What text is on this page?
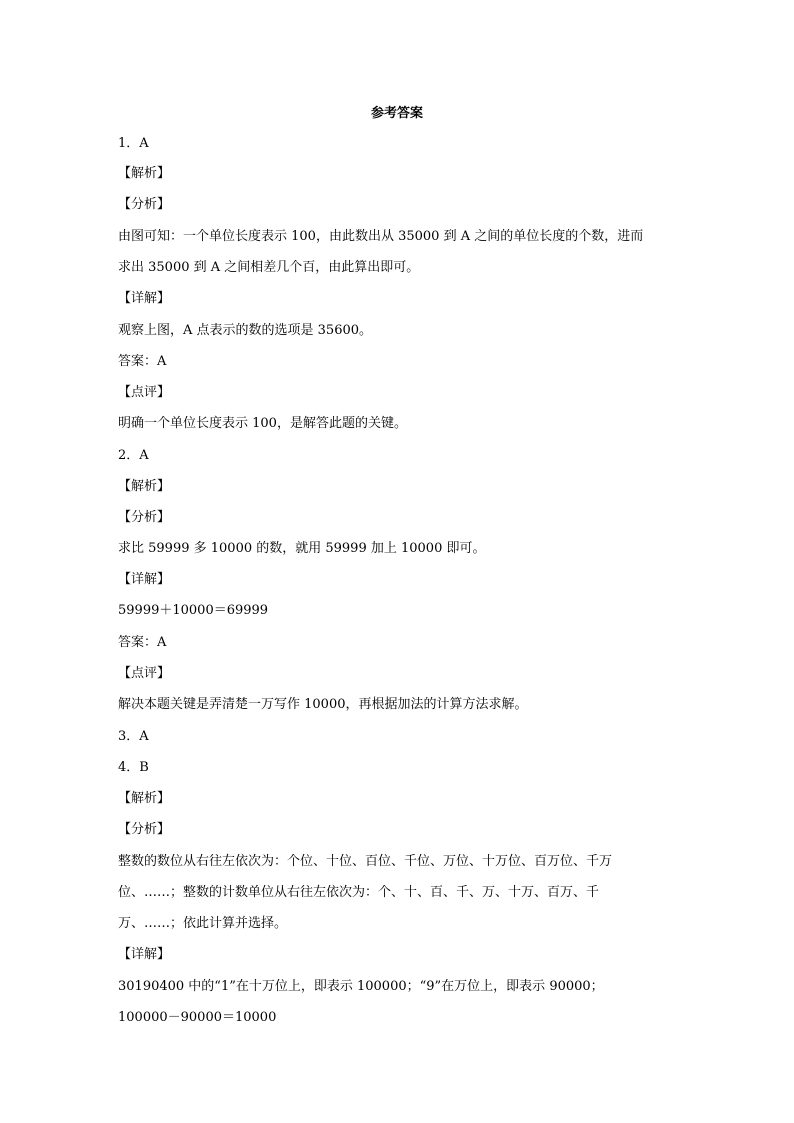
参考答案
1．A
【解析】
【分析】
由图可知：一个单位长度表示 100，由此数出从 35000 到 A 之间的单位长度的个数，进而
求出 35000 到 A 之间相差几个百，由此算出即可。
【详解】
观察上图，A 点表示的数的选项是 35600。
答案：A
【点评】
明确一个单位长度表示 100，是解答此题的关键。
2．A
【解析】
【分析】
求比 59999 多 10000 的数，就用 59999 加上 10000 即可。
【详解】
59999＋10000＝69999
答案：A
【点评】
解决本题关键是弄清楚一万写作 10000，再根据加法的计算方法求解。
3．A
4．B
【解析】
【分析】
整数的数位从右往左依次为：个位、十位、百位、千位、万位、十万位、百万位、千万
位、……；整数的计数单位从右往左依次为：个、十、百、千、万、十万、百万、千
万、……；依此计算并选择。
【详解】
30190400 中的“1”在十万位上，即表示 100000；“9”在万位上，即表示 90000；
100000－90000＝10000
